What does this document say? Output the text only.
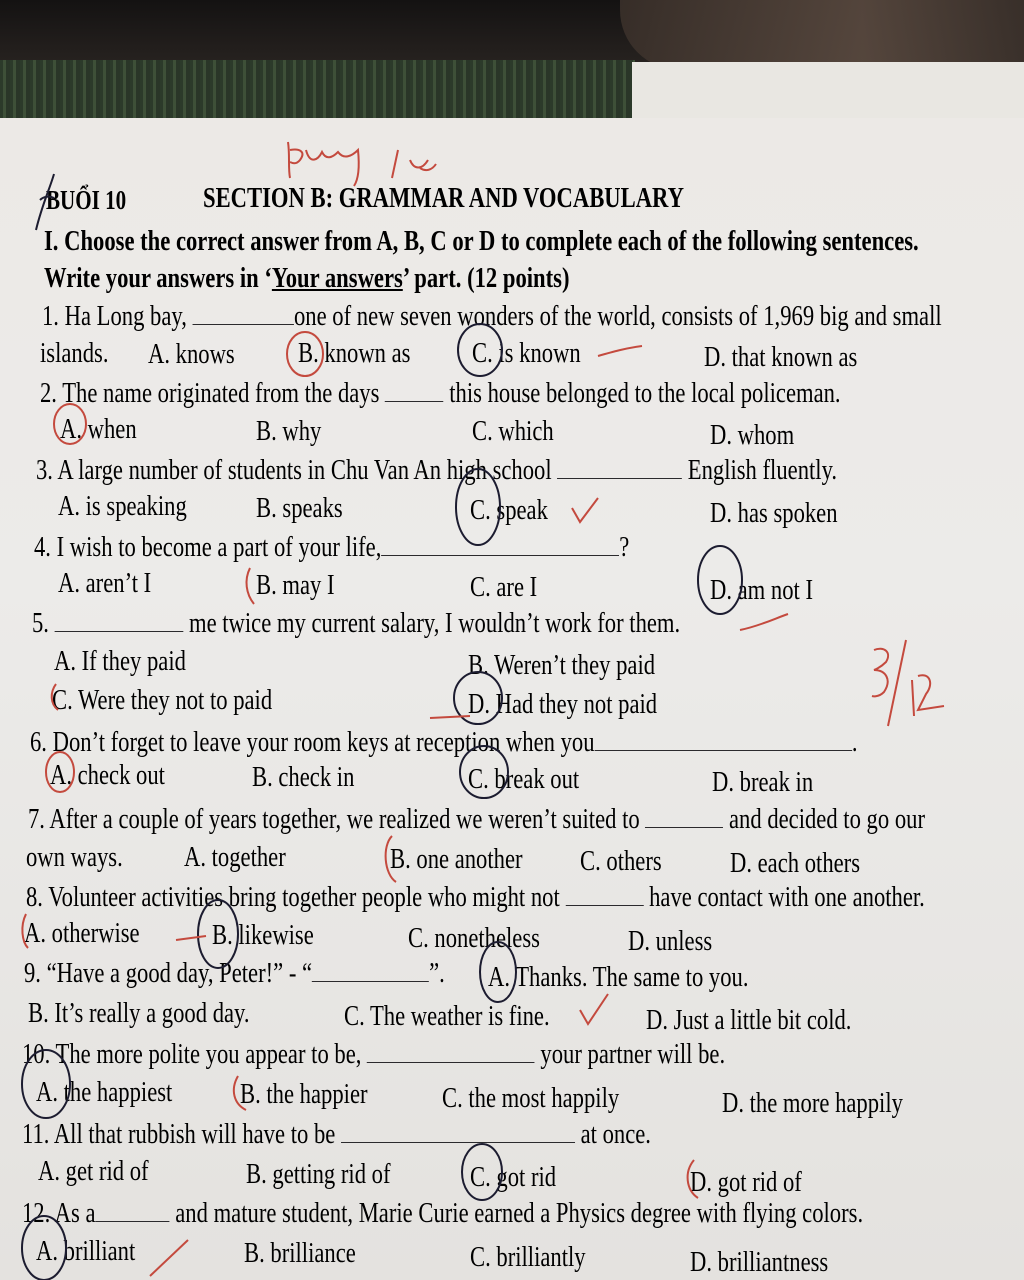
BUỔI 10	SECTION B: GRAMMAR AND VOCABULARY
I. Choose the correct answer from A, B, C or D to complete each of the following sentences.
Write your answers in ‘Your answers’ part. (12 points)
1. Ha Long bay,	one of new seven wonders of the world, consists of 1,969 big and small
islands. A. knows B. known as C. is known	D. that known as
2. The name originated from the days this house belonged to the local policeman.
A. when	B. why	C. which	D. whom
3. A large number of students in Chu Van An high school	English fluently.
A. is speaking B. speaks	C. speak	D. has spoken
4. I wish to become a part of your life,	?
A. aren’t I	B. may I	C. are I	D. am not I
5.	me twice my current salary, I wouldn’t work for them.
A. If they paid	B. Weren’t they paid
C. Were they not to paid	D. Had they not paid
6. Don’t forget to leave your room keys at reception when you	.
A. check out	B. check in	C. break out	D. break in
7. After a couple of years together, we realized we weren’t suited to	and decided to go our
own ways. A. together	B. one another C. others D. each others
8. Volunteer activities bring together people who might not	have contact with one another.
A. otherwise B. likewise	C. nonetheless	D. unless
9. “Have a good day, Peter!” - “	”. A. Thanks. The same to you.
B. It’s really a good day.	C. The weather is fine.	D. Just a little bit cold.
10. The more polite you appear to be,	your partner will be.
A. the happiest B. the happier	C. the most happily	D. the more happily
11. All that rubbish will have to be	at once.
A. get rid of	B. getting rid of	C. got rid	D. got rid of
12. As a	and mature student, Marie Curie earned a Physics degree with flying colors.
A. brilliant	B. brilliance	C. brilliantly	D. brilliantness
